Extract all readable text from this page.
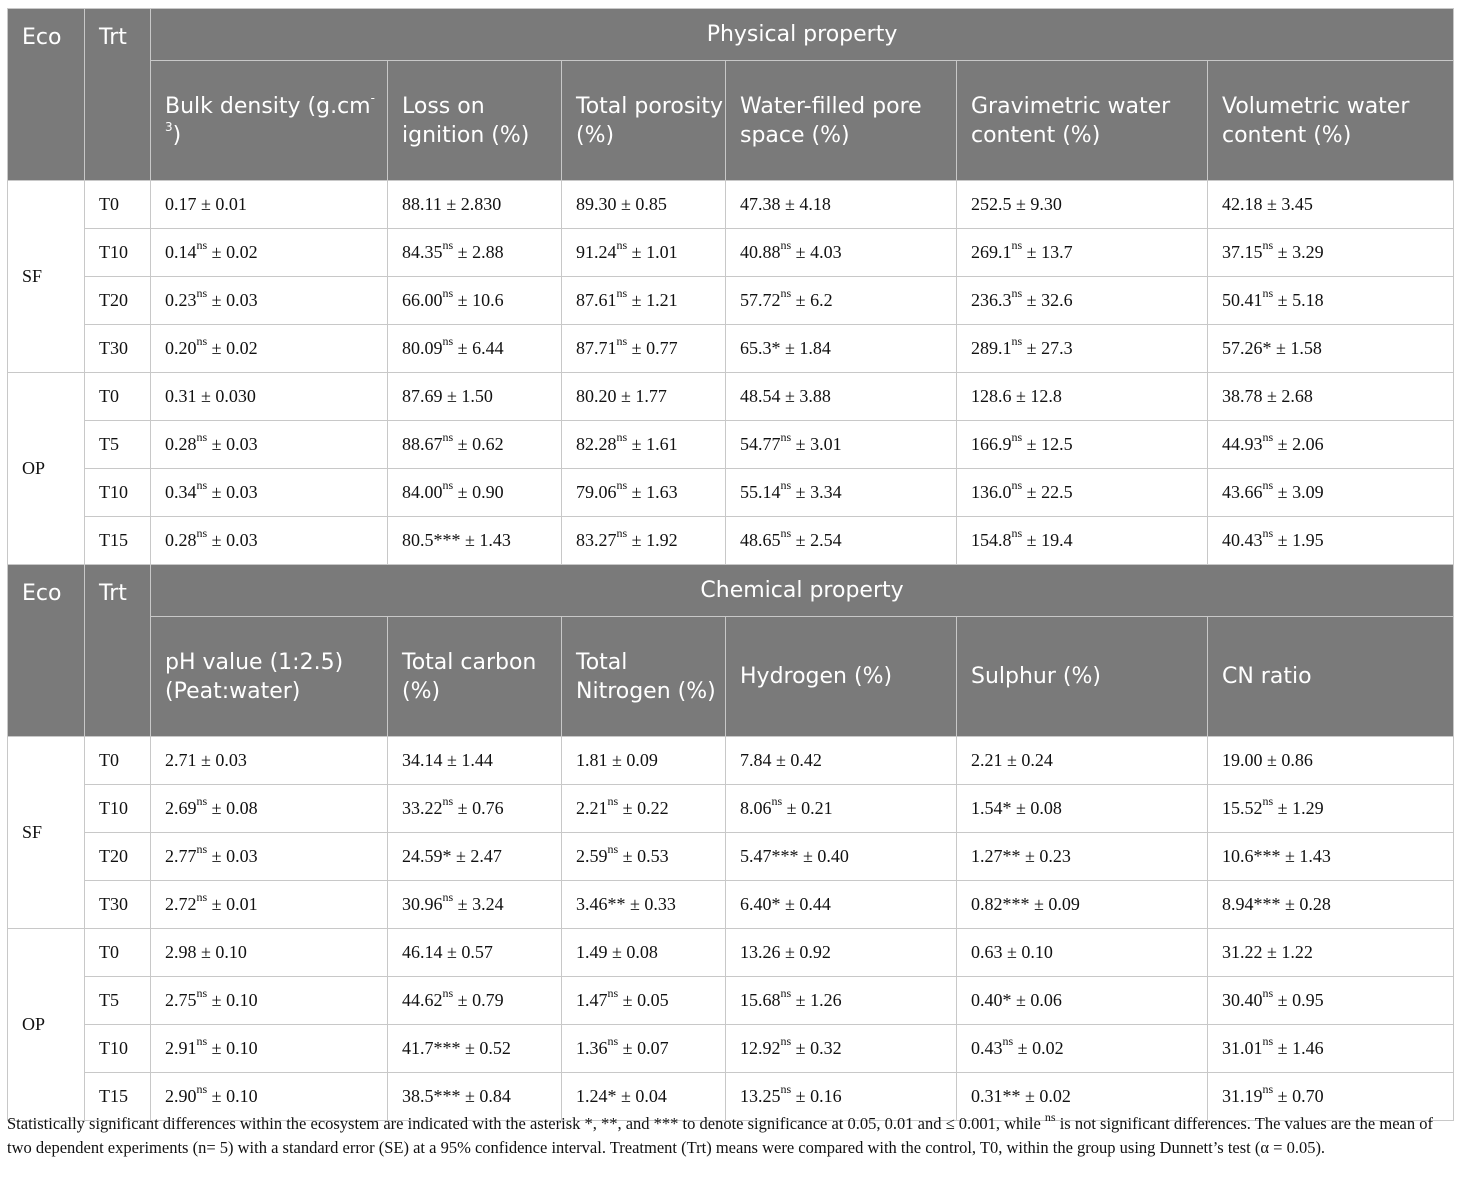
Eco	Trt	Physical property					
		Bulk density $(g.cm^{-3})$	Loss on ignition (%)	Total porosity (%)	Water-filled pore space (%)	Gravimetric water content (%)	Volumetric water content (%)
SF	T0	0.17 ± 0.01	88.11 ± 2.830	89.30 ± 0.85	47.38 ± 4.18	252.5 ± 9.30	42.18 ± 3.45
	T10	$0.14^{ns} \pm 0.02$	$84.35^{ns} \pm 2.88$	$91.24^{ns} \pm 1.01$	$40.88^{ns} \pm 4.03$	$269.1^{ns} \pm 13.7$	$37.15^{ns} \pm 3.29$
	T20	$0.23^{ns} \pm 0.03$	$66.00^{ns} \pm 10.6$	$87.61^{ns} \pm 1.21$	$57.72^{ns} \pm 6.2$	$236.3^{ns} \pm 32.6$	$50.41^{ns} \pm 5.18$
	T30	$0.20^{ns} \pm 0.02$	$80.09^{ns} \pm 6.44$	$87.71^{ns} \pm 0.77$	65.3* ± 1.84	$289.1^{ns} \pm 27.3$	57.26* ± 1.58
OP	T0	0.31 ± 0.030	87.69 ± 1.50	80.20 ± 1.77	48.54 ± 3.88	128.6 ± 12.8	38.78 ± 2.68
	T5	$0.28^{ns} \pm 0.03$	$88.67^{ns} \pm 0.62$	$82.28^{ns} \pm 1.61$	$54.77^{ns} \pm 3.01$	$166.9^{ns} \pm 12.5$	$44.93^{ns} \pm 2.06$
	T10	$0.34^{ns} \pm 0.03$	$84.00^{ns} \pm 0.90$	$79.06^{ns} \pm 1.63$	$55.14^{ns} \pm 3.34$	$136.0^{ns} \pm 22.5$	$43.66^{ns} \pm 3.09$
	T15	$0.28^{ns} \pm 0.03$	80.5*** ± 1.43	$83.27^{ns} \pm 1.92$	$48.65^{ns} \pm 2.54$	$154.8^{ns} \pm 19.4$	$40.43^{ns} \pm 1.95$
Eco	Trt	Chemical property					
		pH value (1:2.5) (Peat:water)	Total carbon (%)	Total Nitrogen (%)	Hydrogen (%)	Sulphur (%)	CN ratio
SF	T0	2.71 ± 0.03	34.14 ± 1.44	1.81 ± 0.09	7.84 ± 0.42	2.21 ± 0.24	19.00 ± 0.86
	T10	$2.69^{ns} \pm 0.08$	$33.22^{ns} \pm 0.76$	$2.21^{ns} \pm 0.22$	$8.06^{ns} \pm 0.21$	1.54* ± 0.08	$15.52^{ns} \pm 1.29$
	T20	$2.77^{ns} \pm 0.03$	24.59* ± 2.47	$2.59^{ns} \pm 0.53$	5.47*** ± 0.40	1.27** ± 0.23	10.6*** ± 1.43
	T30	$2.72^{ns} \pm 0.01$	$30.96^{ns} \pm 3.24$	3.46** ± 0.33	6.40* ± 0.44	0.82*** ± 0.09	8.94*** ± 0.28
OP	T0	2.98 ± 0.10	46.14 ± 0.57	1.49 ± 0.08	13.26 ± 0.92	0.63 ± 0.10	31.22 ± 1.22
	T5	$2.75^{ns} \pm 0.10$	$44.62^{ns} \pm 0.79$	$1.47^{ns} \pm 0.05$	$15.68^{ns} \pm 1.26$	0.40* ± 0.06	$30.40^{ns} \pm 0.95$
	T10	$2.91^{ns} \pm 0.10$	41.7*** ± 0.52	$1.36^{ns} \pm 0.07$	$12.92^{ns} \pm 0.32$	$0.43^{ns} \pm 0.02$	$31.01^{ns} \pm 1.46$
	T15	$2.90^{ns} \pm 0.10$	38.5*** ± 0.84	1.24* ± 0.04	$13.25^{ns} \pm 0.16$	0.31** ± 0.02	$31.19^{ns} \pm 0.70$
Statistically significant differences within the ecosystem are indicated with the asterisk *, **, and *** to denote significance at 0.05, 0.01 and ≤ 0.001, while $^{ns}$ is not significant differences. The values are the mean of two dependent experiments (n= 5) with a standard error (SE) at a 95% confidence interval. Treatment (Trt) means were compared with the control, T0, within the group using Dunnett’s test (α = 0.05).
